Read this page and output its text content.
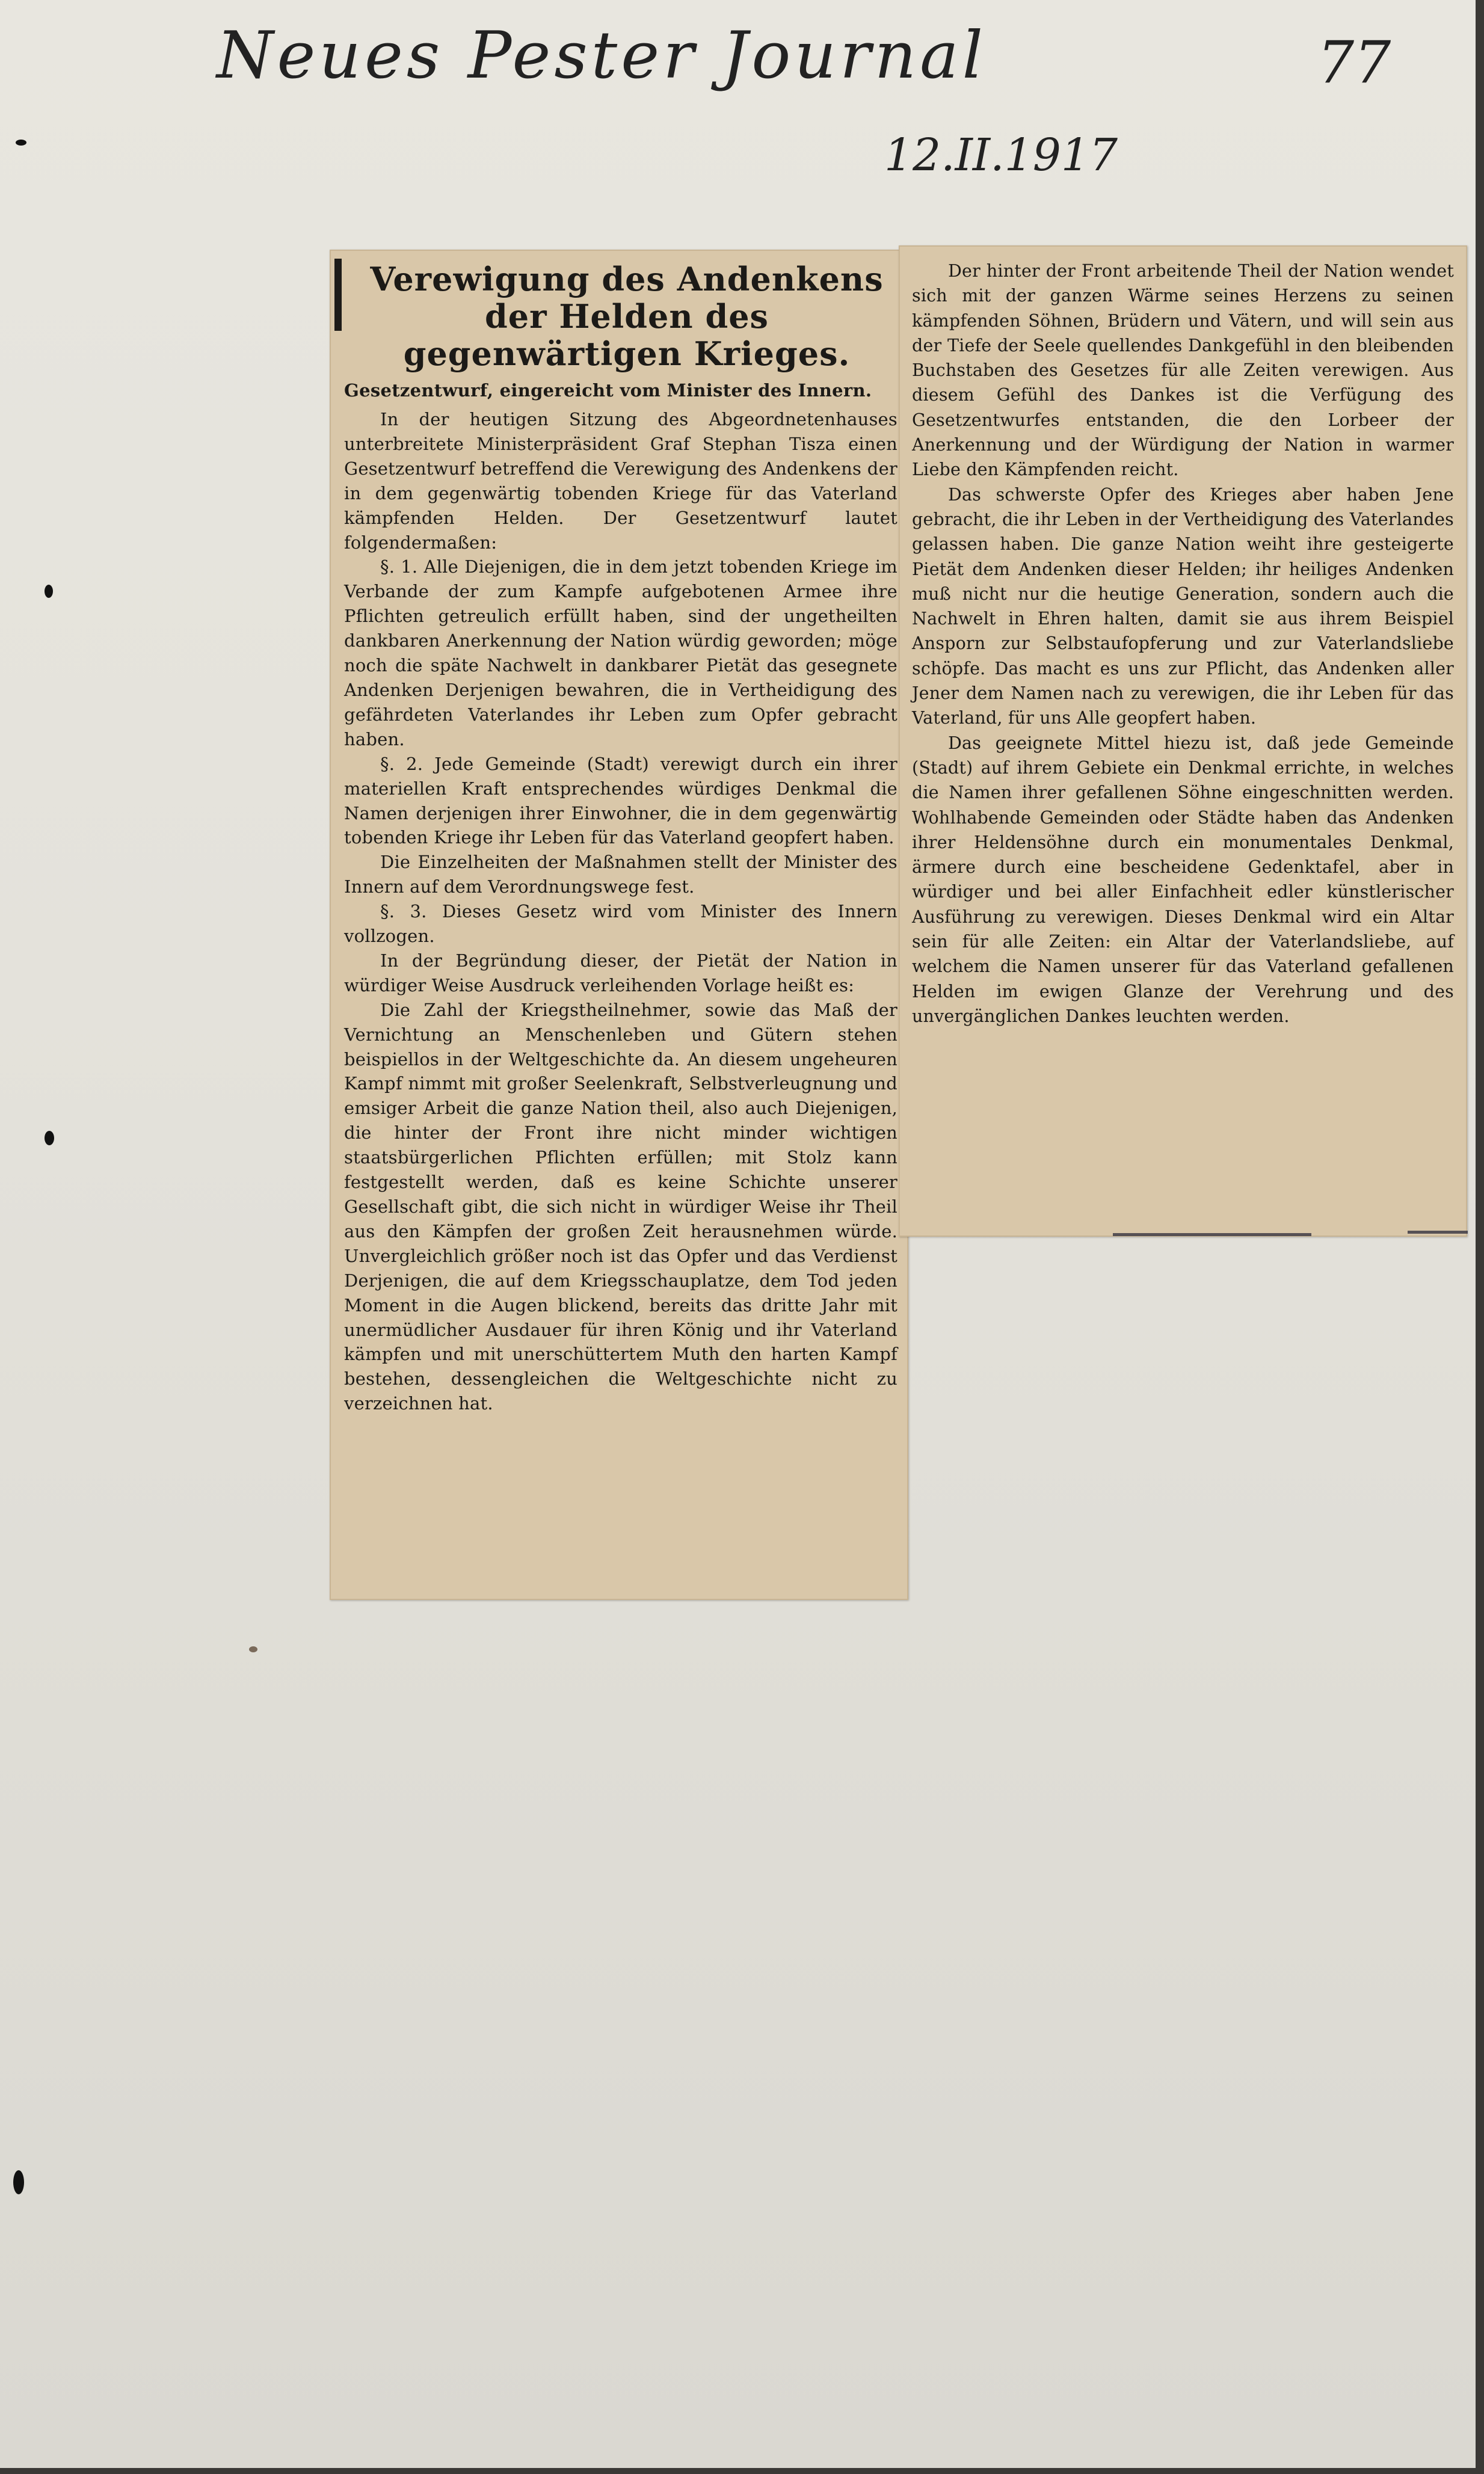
Neues Pester Journal	77
12.II.1917
Verewigung des Andenkens der Helden des gegenwärtigen Krieges.
Gesetzentwurf, eingereicht vom Minister des Innern.

In der heutigen Sitzung des Abgeordnetenhauses unterbreitete Ministerpräsident Graf Stephan Tisza einen Gesetzentwurf betreffend die Verewigung des Andenkens der in dem gegenwärtig tobenden Kriege für das Vaterland kämpfenden Helden. Der Gesetzentwurf lautet folgendermaßen:

§. 1. Alle Diejenigen, die in dem jetzt tobenden Kriege im Verbande der zum Kampfe aufgebotenen Armee ihre Pflichten getreulich erfüllt haben, sind der ungetheilten dankbaren Anerkennung der Nation würdig geworden; möge noch die späte Nachwelt in dankbarer Pietät das gesegnete Andenken Derjenigen bewahren, die in Vertheidigung des gefährdeten Vaterlandes ihr Leben zum Opfer gebracht haben.

§. 2. Jede Gemeinde (Stadt) verewigt durch ein ihrer materiellen Kraft entsprechendes würdiges Denkmal die Namen derjenigen ihrer Einwohner, die in dem gegenwärtig tobenden Kriege ihr Leben für das Vaterland geopfert haben.

Die Einzelheiten der Maßnahmen stellt der Minister des Innern auf dem Verordnungswege fest.

§. 3. Dieses Gesetz wird vom Minister des Innern vollzogen.

In der Begründung dieser, der Pietät der Nation in würdiger Weise Ausdruck verleihenden Vorlage heißt es:

Die Zahl der Kriegstheilnehmer, sowie das Maß der Vernichtung an Menschenleben und Gütern stehen beispiellos in der Weltgeschichte da. An diesem ungeheuren Kampf nimmt mit großer Seelenkraft, Selbstverleugnung und emsiger Arbeit die ganze Nation theil, also auch Diejenigen, die hinter der Front ihre nicht minder wichtigen staatsbürgerlichen Pflichten erfüllen; mit Stolz kann festgestellt werden, daß es keine Schichte unserer Gesellschaft gibt, die sich nicht in würdiger Weise ihr Theil aus den Kämpfen der großen Zeit herausnehmen würde. Unvergleichlich größer noch ist das Opfer und das Verdienst Derjenigen, die auf dem Kriegsschauplatze, dem Tod jeden Moment in die Augen blickend, bereits das dritte Jahr mit unermüdlicher Ausdauer für ihren König und ihr Vaterland kämpfen und mit unerschüttertem Muth den harten Kampf bestehen, dessengleichen die Weltgeschichte nicht zu verzeichnen hat.

Der hinter der Front arbeitende Theil der Nation wendet sich mit der ganzen Wärme seines Herzens zu seinen kämpfenden Söhnen, Brüdern und Vätern, und will sein aus der Tiefe der Seele quellendes Dankgefühl in den bleibenden Buchstaben des Gesetzes für alle Zeiten verewigen. Aus diesem Gefühl des Dankes ist die Verfügung des Gesetzentwurfes entstanden, die den Lorbeer der Anerkennung und der Würdigung der Nation in warmer Liebe den Kämpfenden reicht.

Das schwerste Opfer des Krieges aber haben Jene gebracht, die ihr Leben in der Vertheidigung des Vaterlandes gelassen haben. Die ganze Nation weiht ihre gesteigerte Pietät dem Andenken dieser Helden; ihr heiliges Andenken muß nicht nur die heutige Generation, sondern auch die Nachwelt in Ehren halten, damit sie aus ihrem Beispiel Ansporn zur Selbstaufopferung und zur Vaterlandsliebe schöpfe. Das macht es uns zur Pflicht, das Andenken aller Jener dem Namen nach zu verewigen, die ihr Leben für das Vaterland, für uns Alle geopfert haben.

Das geeignete Mittel hiezu ist, daß jede Gemeinde (Stadt) auf ihrem Gebiete ein Denkmal errichte, in welches die Namen ihrer gefallenen Söhne eingeschnitten werden. Wohlhabende Gemeinden oder Städte haben das Andenken ihrer Heldensöhne durch ein monumentales Denkmal, ärmere durch eine bescheidene Gedenktafel, aber in würdiger und bei aller Einfachheit edler künstlerischer Ausführung zu verewigen. Dieses Denkmal wird ein Altar sein für alle Zeiten: ein Altar der Vaterlandsliebe, auf welchem die Namen unserer für das Vaterland gefallenen Helden im ewigen Glanze der Verehrung und des unvergänglichen Dankes leuchten werden.
